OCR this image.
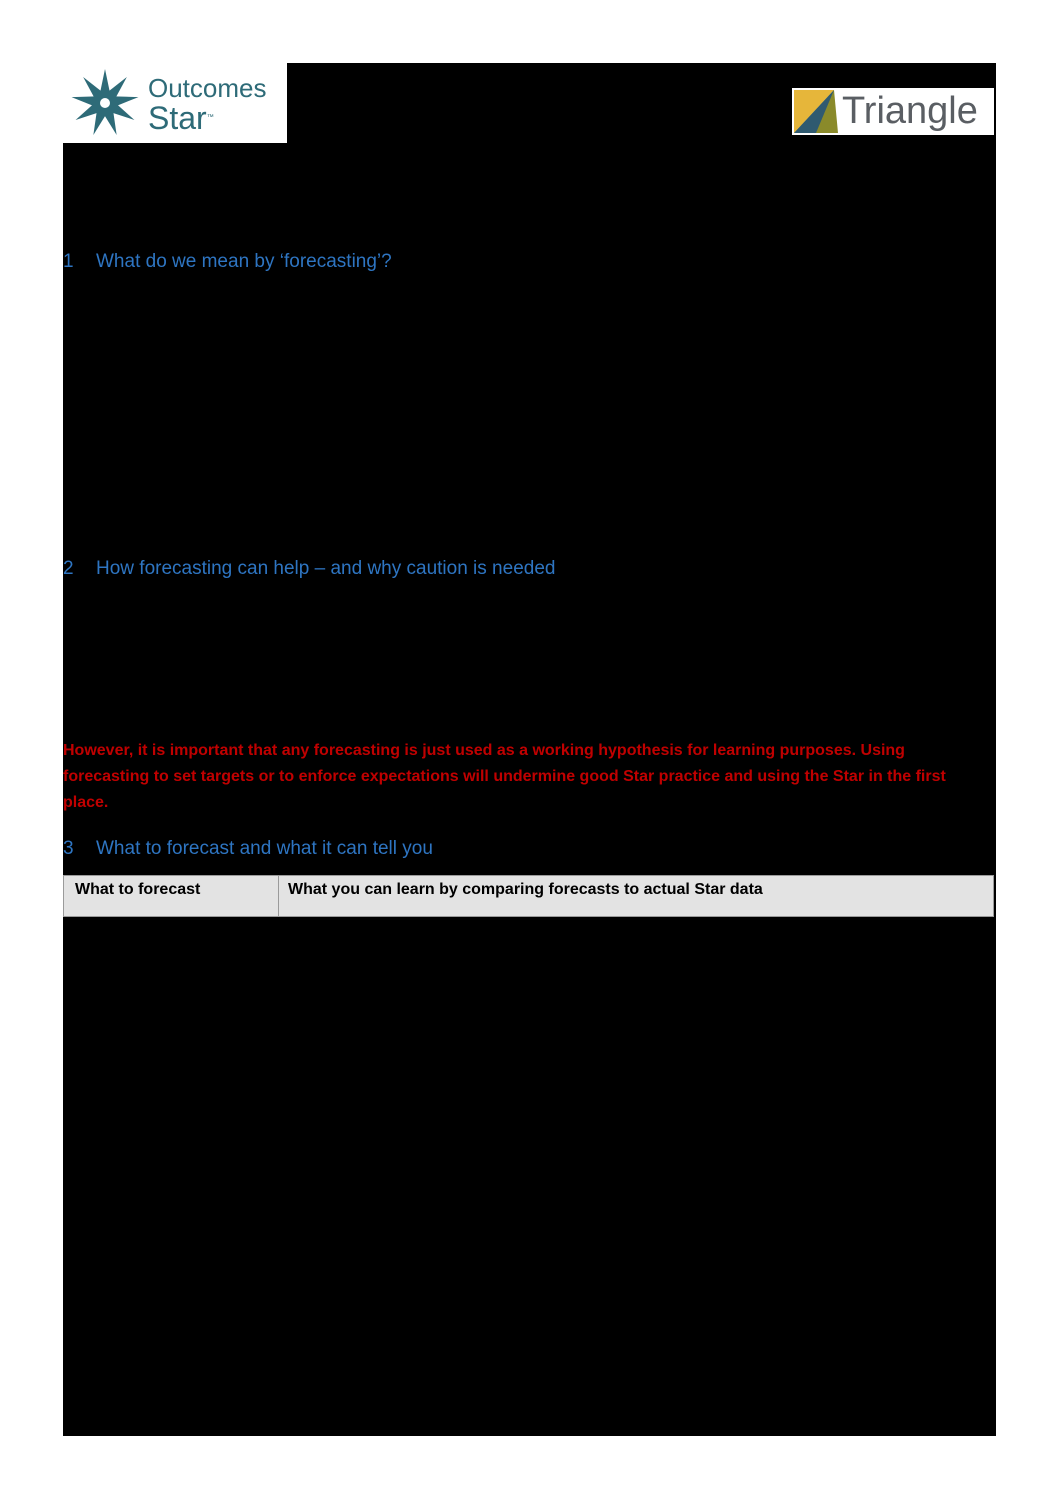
Outcomes
Star™	Triangle
1 What do we mean by ‘forecasting’?
2 How forecasting can help – and why caution is needed
However, it is important that any forecasting is just used as a working hypothesis for learning purposes. Using forecasting to set targets or to enforce expectations will undermine good Star practice and using the Star in the first place.
3 What to forecast and what it can tell you
What to forecast	What you can learn by comparing forecasts to actual Star data
